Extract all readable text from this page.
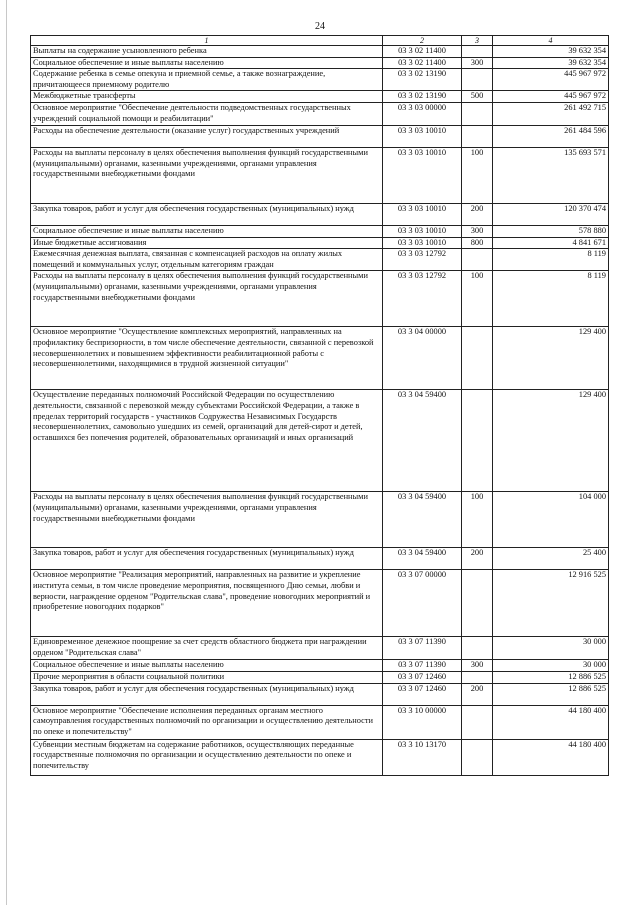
24
1	2	3	4
Выплаты на содержание усыновленного ребенка	03 3 02 11400		39 632 354
Социальное обеспечение и иные выплаты населению	03 3 02 11400	300	39 632 354
Содержание ребенка в семье опекуна и приемной семье, а также вознаграждение, причитающееся приемному родителю	03 3 02 13190		445 967 972
Межбюджетные трансферты	03 3 02 13190	500	445 967 972
Основное мероприятие "Обеспечение деятельности подведомственных государственных учреждений социальной помощи и реабилитации"	03 3 03 00000		261 492 715
Расходы на обеспечение деятельности (оказание услуг) государственных учреждений	03 3 03 10010		261 484 596
Расходы на выплаты персоналу в целях обеспечения выполнения функций государственными (муниципальными) органами, казенными учреждениями, органами управления государственными внебюджетными фондами	03 3 03 10010	100	135 693 571
Закупка товаров, работ и услуг для обеспечения государственных (муниципальных) нужд	03 3 03 10010	200	120 370 474
Социальное обеспечение и иные выплаты населению	03 3 03 10010	300	578 880
Иные бюджетные ассигнования	03 3 03 10010	800	4 841 671
Ежемесячная денежная выплата, связанная с компенсацией расходов на оплату жилых помещений и коммунальных услуг, отдельным категориям граждан	03 3 03 12792		8 119
Расходы на выплаты персоналу в целях обеспечения выполнения функций государственными (муниципальными) органами, казенными учреждениями, органами управления государственными внебюджетными фондами	03 3 03 12792	100	8 119
Основное мероприятие "Осуществление комплексных мероприятий, направленных на профилактику беспризорности, в том числе обеспечение деятельности, связанной с перевозкой несовершеннолетних и повышением эффективности реабилитационной работы с несовершеннолетними, находящимися в трудной жизненной ситуации"	03 3 04 00000		129 400
Осуществление переданных полномочий Российской Федерации по осуществлению деятельности, связанной с перевозкой между субъектами Российской Федерации, а также в пределах территорий государств - участников Содружества Независимых Государств несовершеннолетних, самовольно ушедших из семей, организаций для детей-сирот и детей, оставшихся без попечения родителей, образовательных организаций и иных организаций	03 3 04 59400		129 400
Расходы на выплаты персоналу в целях обеспечения выполнения функций государственными (муниципальными) органами, казенными учреждениями, органами управления государственными внебюджетными фондами	03 3 04 59400	100	104 000
Закупка товаров, работ и услуг для обеспечения государственных (муниципальных) нужд	03 3 04 59400	200	25 400
Основное мероприятие "Реализация мероприятий, направленных на развитие и укрепление института семьи, в том числе проведение мероприятия, посвященного Дню семьи, любви и верности, награждение орденом "Родительская слава", проведение новогодних мероприятий и приобретение новогодних подарков"	03 3 07 00000		12 916 525
Единовременное денежное поощрение за счет средств областного бюджета при награждении орденом "Родительская слава"	03 3 07 11390		30 000
Социальное обеспечение и иные выплаты населению	03 3 07 11390	300	30 000
Прочие мероприятия в области социальной политики	03 3 07 12460		12 886 525
Закупка товаров, работ и услуг для обеспечения государственных (муниципальных) нужд	03 3 07 12460	200	12 886 525
Основное мероприятие "Обеспечение исполнения переданных органам местного самоуправления государственных полномочий по организации и осуществлению деятельности по опеке и попечительству"	03 3 10 00000		44 180 400
Субвенции местным бюджетам на содержание работников, осуществляющих переданные государственные полномочия по организации и осуществлению деятельности по опеке и попечительству	03 3 10 13170		44 180 400
